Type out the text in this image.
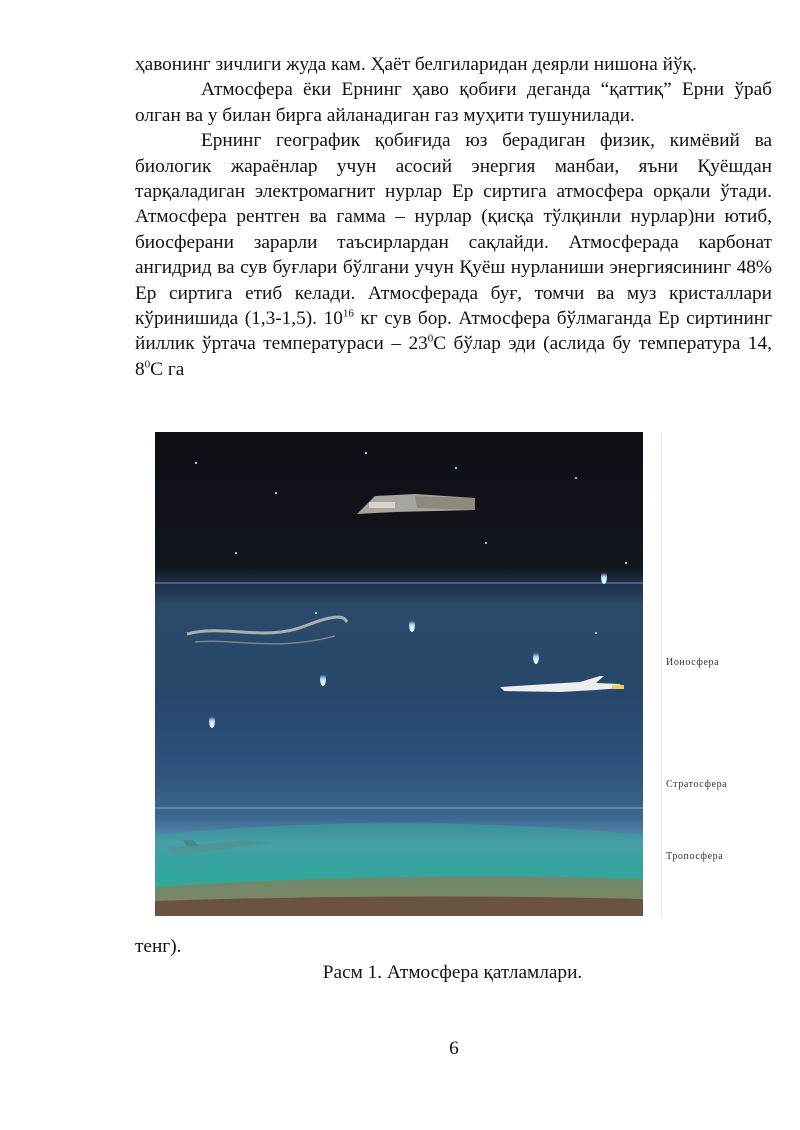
ҳавонинг зичлиги жуда кам. Ҳаёт белгиларидан деярли нишона йўқ.

Атмосфера ёки Ернинг ҳаво қобиғи деганда “қаттиқ” Ерни ўраб олган ва у билан бирга айланадиган газ муҳити тушунилади.

Ернинг географик қобиғида юз берадиган физик, кимёвий ва биологик жараёнлар учун асосий энергия манбаи, яъни Қуёшдан тарқаладиган электромагнит нурлар Ер сиртига атмосфера орқали ўтади. Атмосфера рентген ва гамма – нурлар (қисқа тўлқинли нурлар)ни ютиб, биосферани зарарли таъсирлардан сақлайди. Атмосферада карбонат ангидрид ва сув буғлари бўлгани учун Қуёш нурланиши энергиясининг 48% Ер сиртига етиб келади. Атмосферада буғ, томчи ва муз кристаллари кўринишида (1,3-1,5). $10^{16}$ кг сув бор. Атмосфера бўлмаганда Ер сиртининг йиллик ўртача температураси – $23^0С$ бўлар эди (аслида бу температура 14, $8^0С$ га

Ионосфера
Стратосфера
Тропосфера
тенг).
Расм 1. Атмосфера қатламлари.
6
